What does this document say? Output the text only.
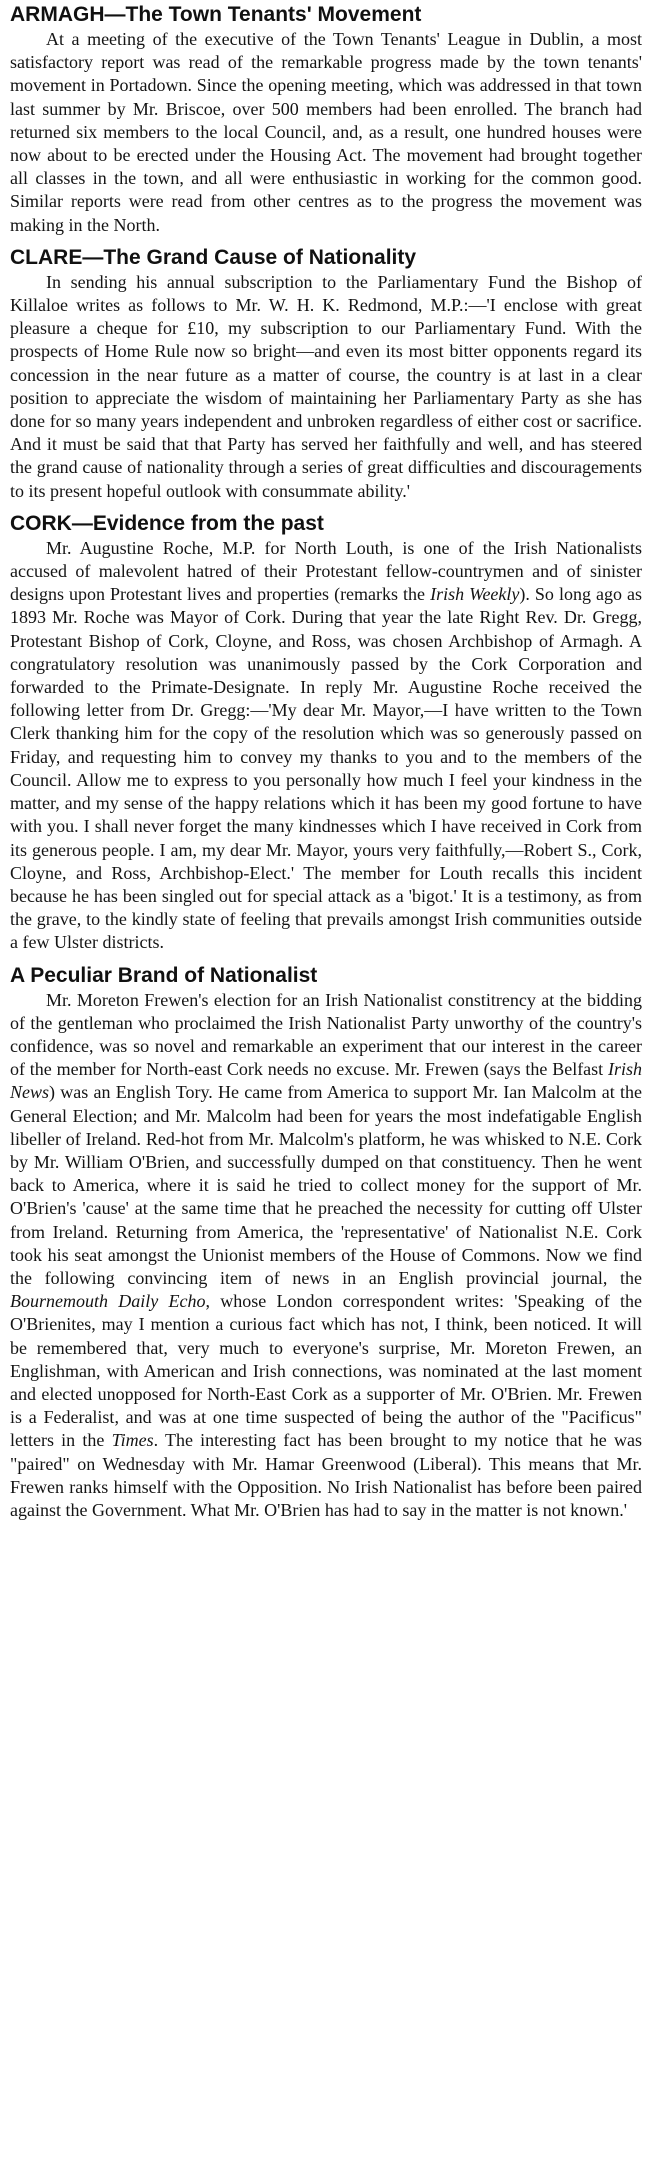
ARMAGH—The Town Tenants' Movement

At a meeting of the executive of the Town Tenants' League in Dublin, a most satisfactory report was read of the remarkable progress made by the town tenants' movement in Portadown. Since the opening meeting, which was addressed in that town last summer by Mr. Briscoe, over 500 members had been enrolled. The branch had returned six members to the local Council, and, as a result, one hundred houses were now about to be erected under the Housing Act. The movement had brought together all classes in the town, and all were enthusiastic in working for the common good. Similar reports were read from other centres as to the progress the movement was making in the North.

CLARE—The Grand Cause of Nationality

In sending his annual subscription to the Parliamentary Fund the Bishop of Killaloe writes as follows to Mr. W. H. K. Redmond, M.P.:—'I enclose with great pleasure a cheque for £10, my subscription to our Parliamentary Fund. With the prospects of Home Rule now so bright—and even its most bitter opponents regard its concession in the near future as a matter of course, the country is at last in a clear position to appreciate the wisdom of maintaining her Parliamentary Party as she has done for so many years independent and unbroken regardless of either cost or sacrifice. And it must be said that that Party has served her faithfully and well, and has steered the grand cause of nationality through a series of great difficulties and discouragements to its present hopeful outlook with consummate ability.'

CORK—Evidence from the past

Mr. Augustine Roche, M.P. for North Louth, is one of the Irish Nationalists accused of malevolent hatred of their Protestant fellow-countrymen and of sinister designs upon Protestant lives and properties (remarks the Irish Weekly). So long ago as 1893 Mr. Roche was Mayor of Cork. During that year the late Right Rev. Dr. Gregg, Protestant Bishop of Cork, Cloyne, and Ross, was chosen Archbishop of Armagh. A congratulatory resolution was unanimously passed by the Cork Corporation and forwarded to the Primate-Designate. In reply Mr. Augustine Roche received the following letter from Dr. Gregg:—'My dear Mr. Mayor,—I have written to the Town Clerk thanking him for the copy of the resolution which was so generously passed on Friday, and requesting him to convey my thanks to you and to the members of the Council. Allow me to express to you personally how much I feel your kindness in the matter, and my sense of the happy relations which it has been my good fortune to have with you. I shall never forget the many kindnesses which I have received in Cork from its generous people. I am, my dear Mr. Mayor, yours very faithfully,—Robert S., Cork, Cloyne, and Ross, Archbishop-Elect.' The member for Louth recalls this incident because he has been singled out for special attack as a 'bigot.' It is a testimony, as from the grave, to the kindly state of feeling that prevails amongst Irish communities outside a few Ulster districts.

A Peculiar Brand of Nationalist

Mr. Moreton Frewen's election for an Irish Nationalist constitrency at the bidding of the gentleman who proclaimed the Irish Nationalist Party unworthy of the country's confidence, was so novel and remarkable an experiment that our interest in the career of the member for North-east Cork needs no excuse. Mr. Frewen (says the Belfast Irish News) was an English Tory. He came from America to support Mr. Ian Malcolm at the General Election; and Mr. Malcolm had been for years the most indefatigable English libeller of Ireland. Red-hot from Mr. Malcolm's platform, he was whisked to N.E. Cork by Mr. William O'Brien, and successfully dumped on that constituency. Then he went back to America, where it is said he tried to collect money for the support of Mr. O'Brien's 'cause' at the same time that he preached the necessity for cutting off Ulster from Ireland. Returning from America, the 'representative' of Nationalist N.E. Cork took his seat amongst the Unionist members of the House of Commons. Now we find the following convincing item of news in an English provincial journal, the Bournemouth Daily Echo, whose London correspondent writes: 'Speaking of the O'Brienites, may I mention a curious fact which has not, I think, been noticed. It will be remembered that, very much to everyone's surprise, Mr. Moreton Frewen, an Englishman, with American and Irish connections, was nominated at the last moment and elected unopposed for North-East Cork as a supporter of Mr. O'Brien. Mr. Frewen is a Federalist, and was at one time suspected of being the author of the "Pacificus" letters in the Times. The interesting fact has been brought to my notice that he was "paired" on Wednesday with Mr. Hamar Greenwood (Liberal). This means that Mr. Frewen ranks himself with the Opposition. No Irish Nationalist has before been paired against the Government. What Mr. O'Brien has had to say in the matter is not known.'
